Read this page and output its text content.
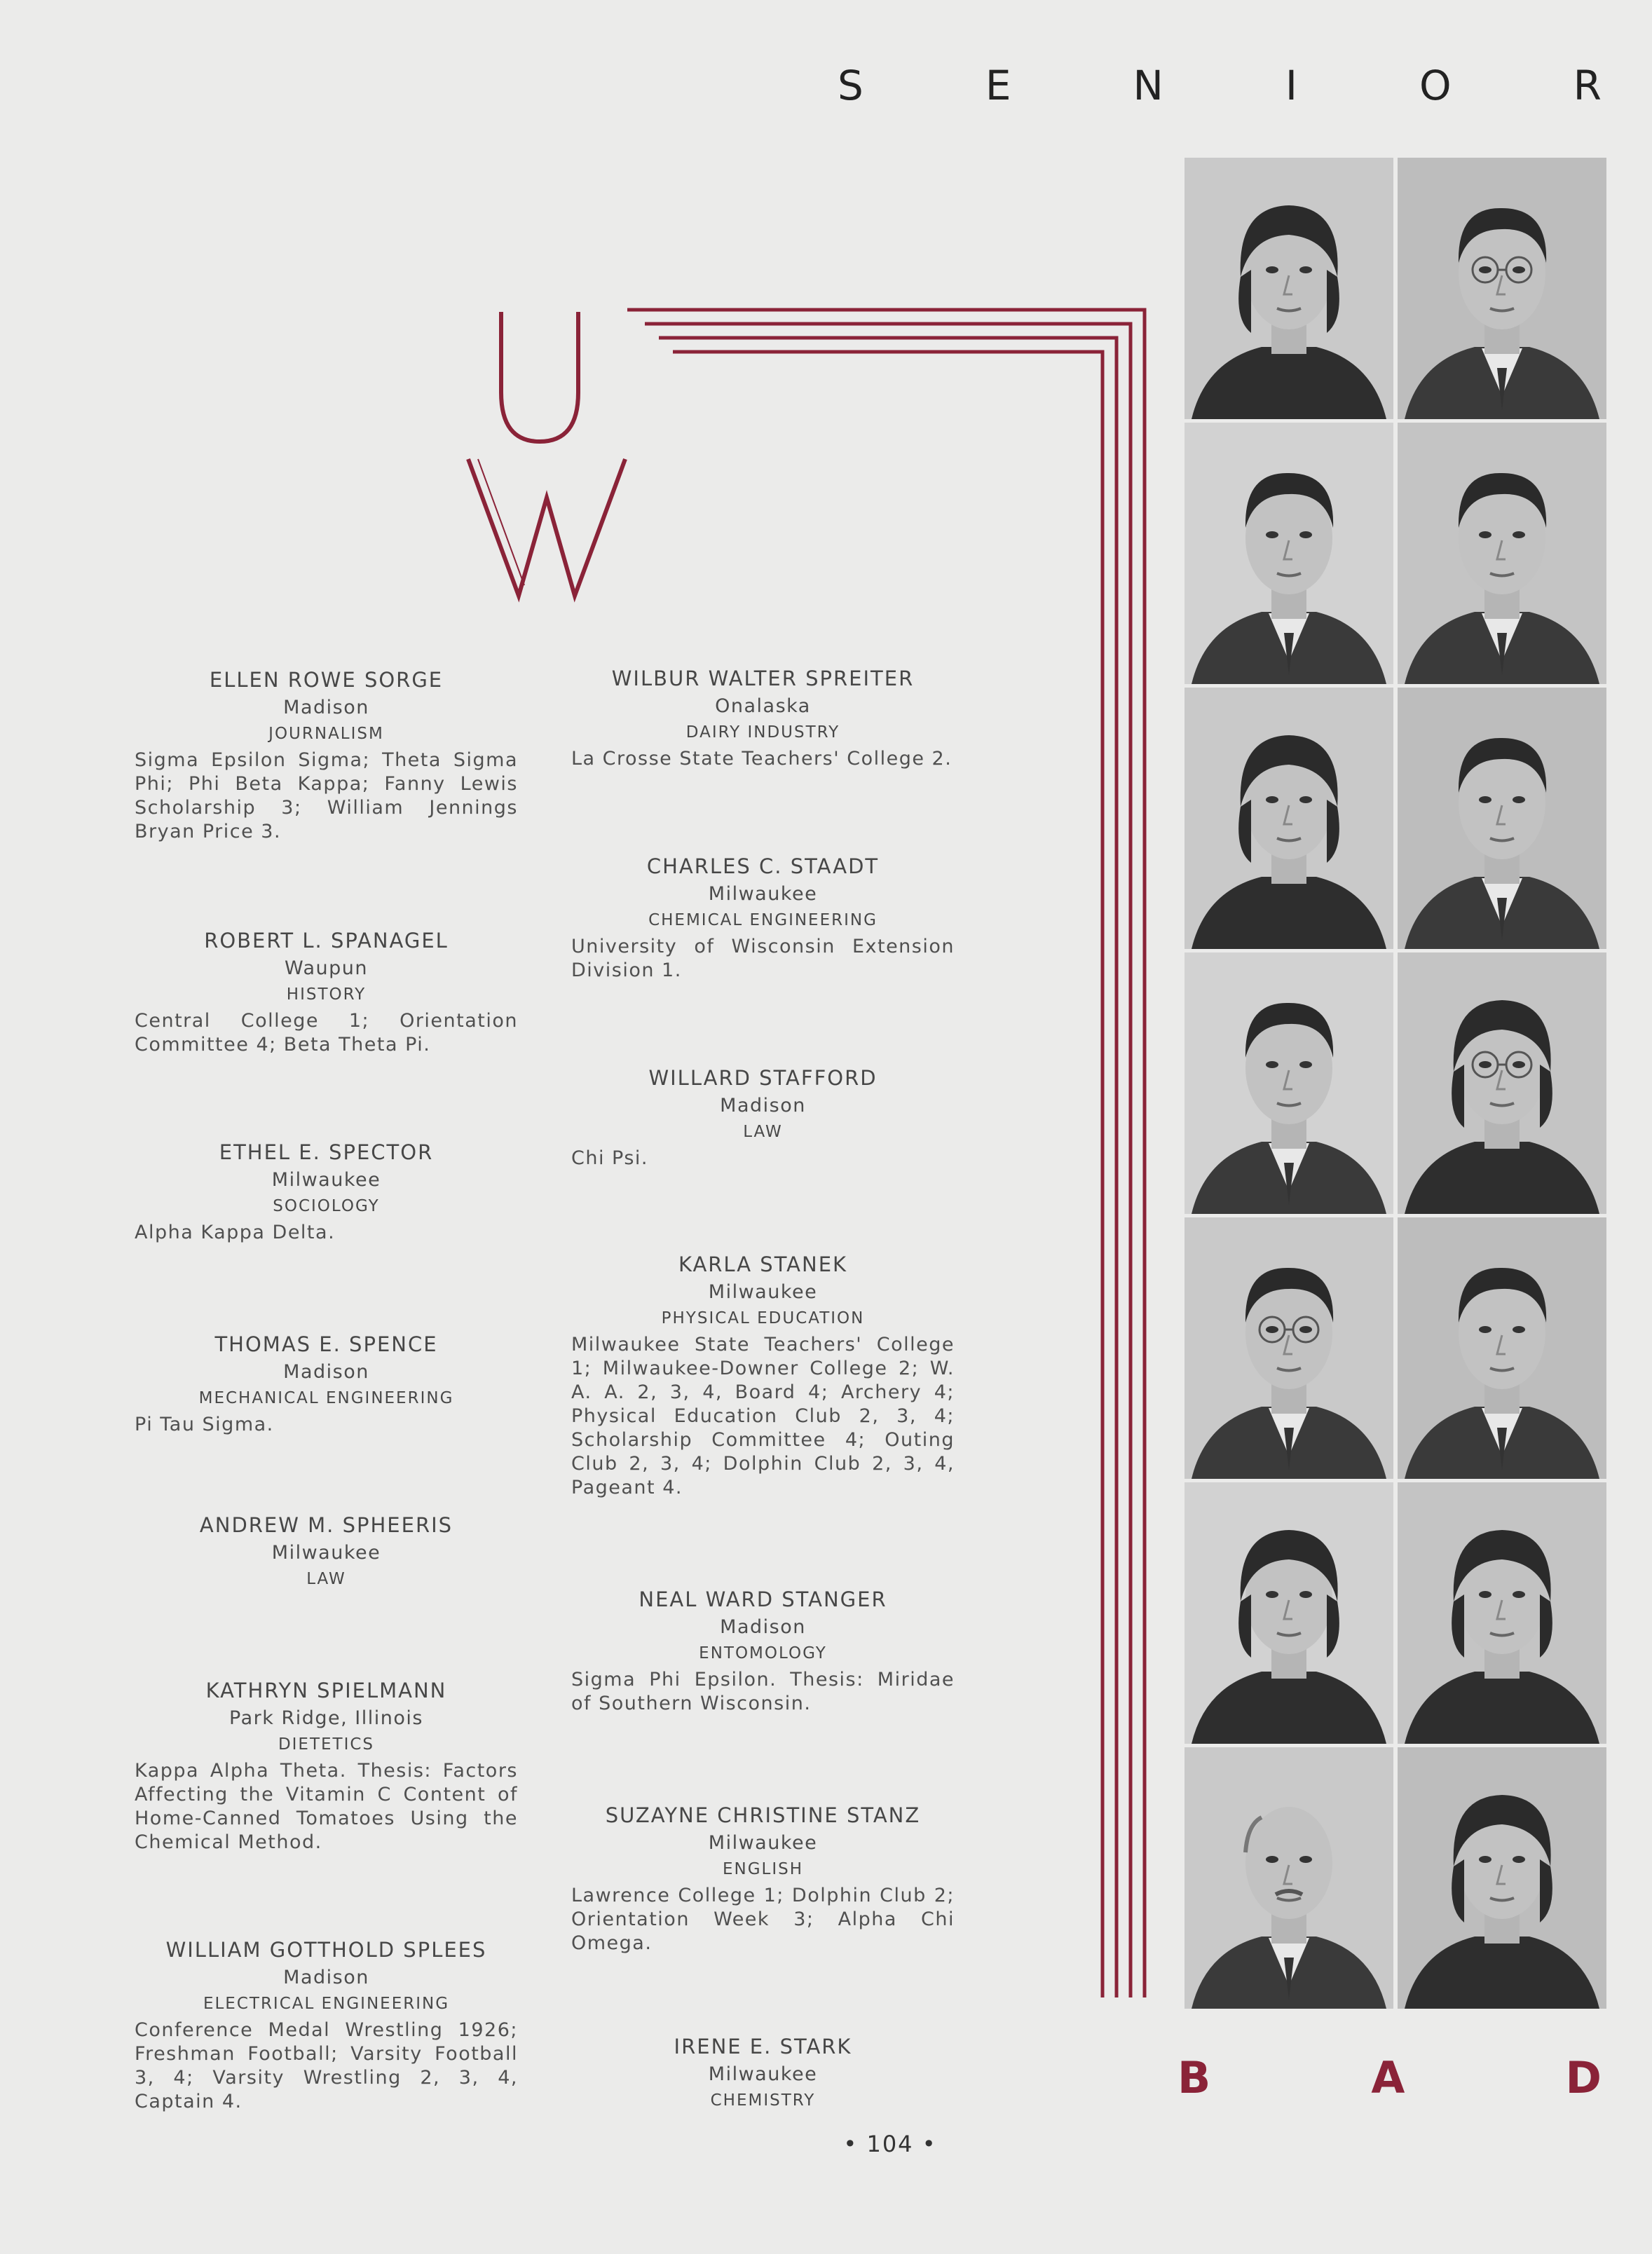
S	E	N	I	O	R
ELLEN ROWE SORGE
Madison
JOURNALISM
Sigma Epsilon Sigma; Theta Sigma Phi; Phi Beta Kappa; Fanny Lewis Scholarship 3; William Jennings Bryan Price 3.
ROBERT L. SPANAGEL
Waupun
HISTORY
Central College 1; Orientation Committee 4; Beta Theta Pi.
ETHEL E. SPECTOR
Milwaukee
SOCIOLOGY
Alpha Kappa Delta.
THOMAS E. SPENCE
Madison
MECHANICAL ENGINEERING
Pi Tau Sigma.
ANDREW M. SPHEERIS
Milwaukee
LAW
KATHRYN SPIELMANN
Park Ridge, Illinois
DIETETICS
Kappa Alpha Theta. Thesis: Factors Affecting the Vitamin C Content of Home-Canned Tomatoes Using the Chemical Method.
WILLIAM GOTTHOLD SPLEES
Madison
ELECTRICAL ENGINEERING
Conference Medal Wrestling 1926; Freshman Football; Varsity Football 3, 4; Varsity Wrestling 2, 3, 4, Captain 4.
WILBUR WALTER SPREITER
Onalaska
DAIRY INDUSTRY
La Crosse State Teachers' College 2.
CHARLES C. STAADT
Milwaukee
CHEMICAL ENGINEERING
University of Wisconsin Extension Division 1.
WILLARD STAFFORD
Madison
LAW
Chi Psi.
KARLA STANEK
Milwaukee
PHYSICAL EDUCATION
Milwaukee State Teachers' College 1; Milwaukee-Downer College 2; W. A. A. 2, 3, 4, Board 4; Archery 4; Physical Education Club 2, 3, 4; Scholarship Committee 4; Outing Club 2, 3, 4; Dolphin Club 2, 3, 4, Pageant 4.
NEAL WARD STANGER
Madison
ENTOMOLOGY
Sigma Phi Epsilon. Thesis: Miridae of Southern Wisconsin.
SUZAYNE CHRISTINE STANZ
Milwaukee
ENGLISH
Lawrence College 1; Dolphin Club 2; Orientation Week 3; Alpha Chi Omega.
IRENE E. STARK
Milwaukee
CHEMISTRY	B	A	D
• 104 •
